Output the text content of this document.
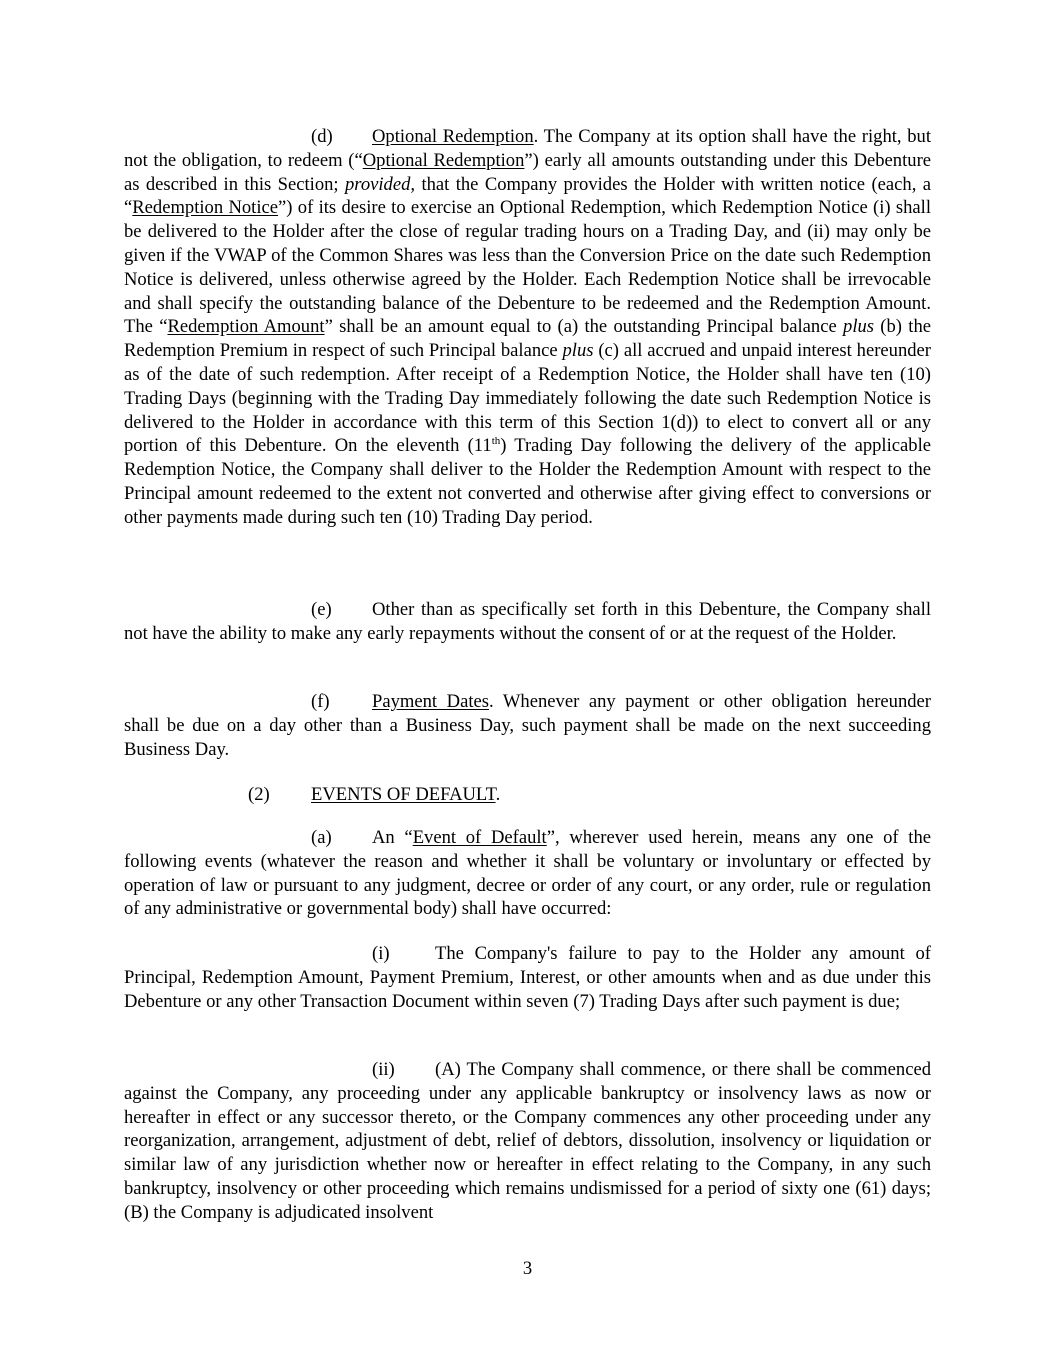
(d) Optional Redemption. The Company at its option shall have the right, but not the obligation, to redeem (“Optional Redemption”) early all amounts outstanding under this Debenture as described in this Section; provided, that the Company provides the Holder with written notice (each, a “Redemption Notice”) of its desire to exercise an Optional Redemption, which Redemption Notice (i) shall be delivered to the Holder after the close of regular trading hours on a Trading Day, and (ii) may only be given if the VWAP of the Common Shares was less than the Conversion Price on the date such Redemption Notice is delivered, unless otherwise agreed by the Holder. Each Redemption Notice shall be irrevocable and shall specify the outstanding balance of the Debenture to be redeemed and the Redemption Amount. The “Redemption Amount” shall be an amount equal to (a) the outstanding Principal balance plus (b) the Redemption Premium in respect of such Principal balance plus (c) all accrued and unpaid interest hereunder as of the date of such redemption. After receipt of a Redemption Notice, the Holder shall have ten (10) Trading Days (beginning with the Trading Day immediately following the date such Redemption Notice is delivered to the Holder in accordance with this term of this Section 1(d)) to elect to convert all or any portion of this Debenture. On the eleventh (11th) Trading Day following the delivery of the applicable Redemption Notice, the Company shall deliver to the Holder the Redemption Amount with respect to the Principal amount redeemed to the extent not converted and otherwise after giving effect to conversions or other payments made during such ten (10) Trading Day period.

(e) Other than as specifically set forth in this Debenture, the Company shall not have the ability to make any early repayments without the consent of or at the request of the Holder.

(f) Payment Dates. Whenever any payment or other obligation hereunder shall be due on a day other than a Business Day, such payment shall be made on the next succeeding Business Day.

(2) EVENTS OF DEFAULT.

(a) An “Event of Default”, wherever used herein, means any one of the following events (whatever the reason and whether it shall be voluntary or involuntary or effected by operation of law or pursuant to any judgment, decree or order of any court, or any order, rule or regulation of any administrative or governmental body) shall have occurred:

(i) The Company's failure to pay to the Holder any amount of Principal, Redemption Amount, Payment Premium, Interest, or other amounts when and as due under this Debenture or any other Transaction Document within seven (7) Trading Days after such payment is due;

(ii) (A) The Company shall commence, or there shall be commenced against the Company, any proceeding under any applicable bankruptcy or insolvency laws as now or hereafter in effect or any successor thereto, or the Company commences any other proceeding under any reorganization, arrangement, adjustment of debt, relief of debtors, dissolution, insolvency or liquidation or similar law of any jurisdiction whether now or hereafter in effect relating to the Company, in any such bankruptcy, insolvency or other proceeding which remains undismissed for a period of sixty one (61) days; (B) the Company is adjudicated insolvent

3
